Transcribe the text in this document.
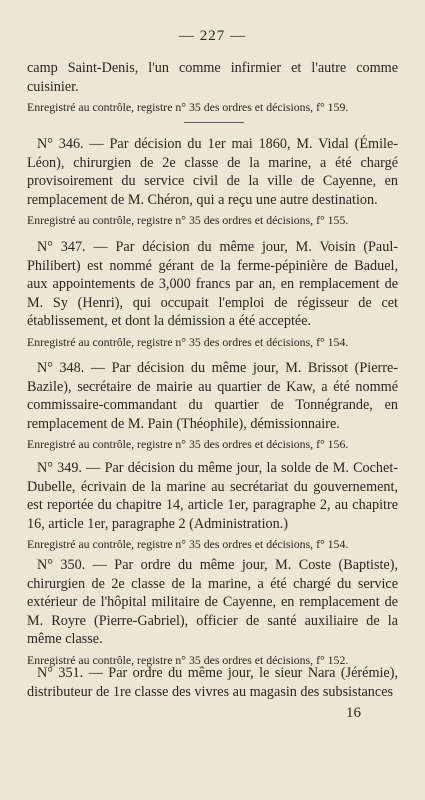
— 227 —

camp Saint-Denis, l'un comme infirmier et l'autre comme cuisinier.

Enregistré au contrôle, registre n° 35 des ordres et décisions, f° 159.

N° 346. — Par décision du 1er mai 1860, M. Vidal (Émile-Léon), chirurgien de 2e classe de la marine, a été chargé provisoirement du service civil de la ville de Cayenne, en remplacement de M. Chéron, qui a reçu une autre destination.

Enregistré au contrôle, registre n° 35 des ordres et décisions, f° 155.

N° 347. — Par décision du même jour, M. Voisin (Paul-Philibert) est nommé gérant de la ferme-pépinière de Baduel, aux appointements de 3,000 francs par an, en remplacement de M. Sy (Henri), qui occupait l'emploi de régisseur de cet établissement, et dont la démission a été acceptée.

Enregistré au contrôle, registre n° 35 des ordres et décisions, f° 154.

N° 348. — Par décision du même jour, M. Brissot (Pierre-Bazile), secrétaire de mairie au quartier de Kaw, a été nommé commissaire-commandant du quartier de Tonnégrande, en remplacement de M. Pain (Théophile), démissionnaire.

Enregistré au contrôle, registre n° 35 des ordres et décisions, f° 156.

N° 349. — Par décision du même jour, la solde de M. Cochet-Dubelle, écrivain de la marine au secrétariat du gouvernement, est reportée du chapitre 14, article 1er, paragraphe 2, au chapitre 16, article 1er, paragraphe 2 (Administration.)

Enregistré au contrôle, registre n° 35 des ordres et décisions, f° 154.

N° 350. — Par ordre du même jour, M. Coste (Baptiste), chirurgien de 2e classe de la marine, a été chargé du service extérieur de l'hôpital militaire de Cayenne, en remplacement de M. Royre (Pierre-Gabriel), officier de santé auxiliaire de la même classe.

Enregistré au contrôle, registre n° 35 des ordres et décisions, f° 152.

N° 351. — Par ordre du même jour, le sieur Nara (Jérémie), distributeur de 1re classe des vivres au magasin des subsistances

16
